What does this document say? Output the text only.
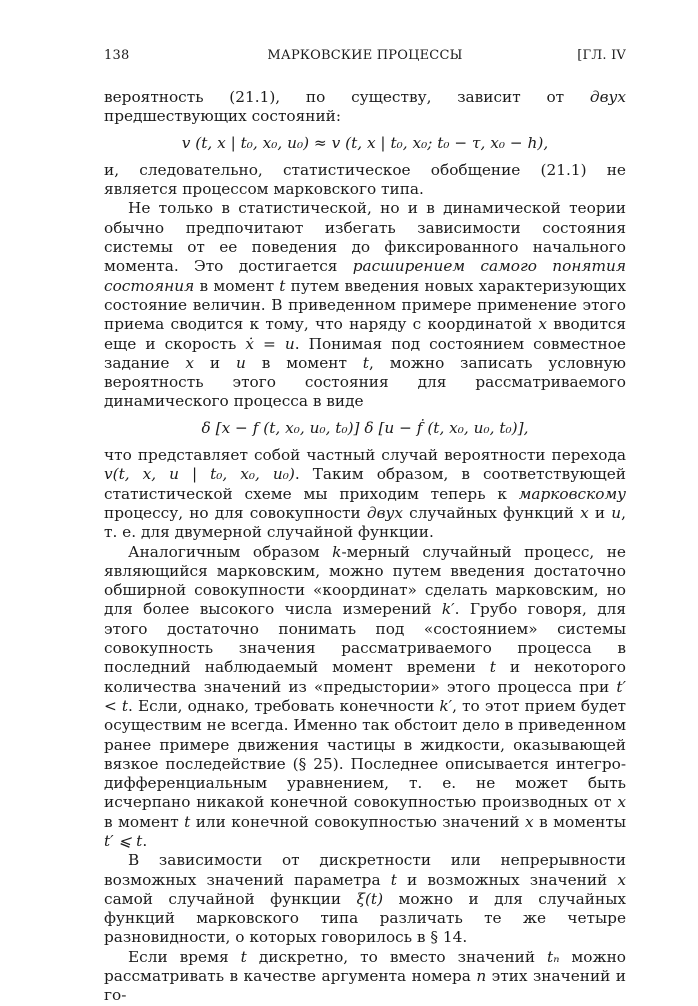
138	МАРКОВСКИЕ ПРОЦЕССЫ	[ГЛ. IV

вероятность (21.1), по существу, зависит от двух предшествующих состояний:

v (t, x | t₀, x₀, u₀) ≈ v (t, x | t₀, x₀; t₀ − τ, x₀ − h),

и, следовательно, статистическое обобщение (21.1) не является процессом марковского типа.

Не только в статистической, но и в динамической теории обычно предпочитают избегать зависимости состояния системы от ее поведения до фиксированного начального момента. Это достигается расширением самого понятия состояния в момент t путем введения новых характеризующих состояние величин. В приведенном примере применение этого приема сводится к тому, что наряду с координатой x вводится еще и скорость ẋ = u. Понимая под состоянием совместное задание x и u в момент t, можно записать условную вероятность этого состояния для рассматриваемого динамического процесса в виде

δ [x − f (t, x₀, u₀, t₀)] δ [u − ḟ (t, x₀, u₀, t₀)],

что представляет собой частный случай вероятности перехода v(t, x, u | t₀, x₀, u₀). Таким образом, в соответствующей статистической схеме мы приходим теперь к марковскому процессу, но для совокупности двух случайных функций x и u, т. е. для двумерной случайной функции.

Аналогичным образом k-мерный случайный процесс, не являющийся марковским, можно путем введения достаточно обширной совокупности «координат» сделать марковским, но для более высокого числа измерений k′. Грубо говоря, для этого достаточно понимать под «состоянием» системы совокупность значения рассматриваемого процесса в последний наблюдаемый момент времени t и некоторого количества значений из «предыстории» этого процесса при t′ < t. Если, однако, требовать конечности k′, то этот прием будет осуществим не всегда. Именно так обстоит дело в приведенном ранее примере движения частицы в жидкости, оказывающей вязкое последействие (§ 25). Последнее описывается интегро-дифференциальным уравнением, т. е. не может быть исчерпано никакой конечной совокупностью производных от x в момент t или конечной совокупностью значений x в моменты t′ ⩽ t.

В зависимости от дискретности или непрерывности возможных значений параметра t и возможных значений x самой случайной функции ξ(t) можно и для случайных функций марковского типа различать те же четыре разновидности, о которых говорилось в § 14.

Если время t дискретно, то вместо значений tₙ можно рассматривать в качестве аргумента номера n этих значений и го-
